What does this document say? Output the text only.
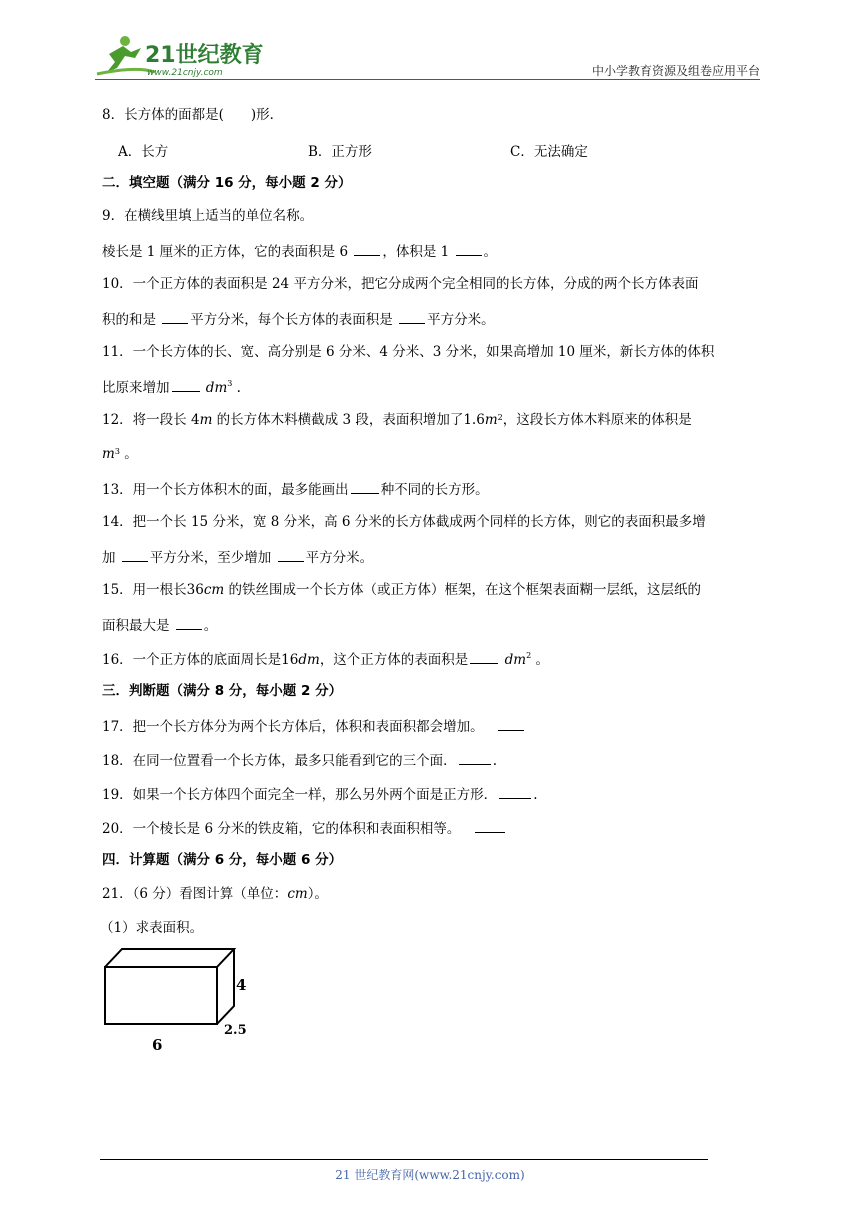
21世纪教育
www.21cnjy.com	中小学教育资源及组卷应用平台
8．长方体的面都是(　　)形．
A．长方	B．正方形	C．无法确定
二．填空题（满分 16 分，每小题 2 分）
9．在横线里填上适当的单位名称。
棱长是 1 厘米的正方体，它的表面积是 6 ，体积是 1 。
10．一个正方体的表面积是 24 平方分米，把它分成两个完全相同的长方体，分成的两个长方体表面
积的和是 平方分米，每个长方体的表面积是 平方分米。
11．一个长方体的长、宽、高分别是 6 分米、4 分米、3 分米，如果高增加 10 厘米，新长方体的体积
比原来增加	$dm^3$ .
12．将一段长 4m 的长方体木料横截成 3 段，表面积增加了$1.6m^2$，这段长方体木料原来的体积是
$m^3$ 。
13．用一个长方体积木的面，最多能画出 种不同的长方形。
14．把一个长 15 分米，宽 8 分米，高 6 分米的长方体截成两个同样的长方体，则它的表面积最多增
加 平方分米，至少增加 平方分米。
15．用一根长36cm 的铁丝围成一个长方体（或正方体）框架，在这个框架表面糊一层纸，这层纸的
面积最大是 。
16．一个正方体的底面周长是16dm，这个正方体的表面积是	$dm^2$ 。
三．判断题（满分 8 分，每小题 2 分）
17．把一个长方体分为两个长方体后，体积和表面积都会增加。
18．在同一位置看一个长方体，最多只能看到它的三个面．	.
19．如果一个长方体四个面完全一样，那么另外两个面是正方形．	.
20．一个棱长是 6 分米的铁皮箱，它的体积和表面积相等。
四．计算题（满分 6 分，每小题 6 分）
21．（6 分）看图计算（单位：cm）。
（1）求表面积。
4
2.5
6
21 世纪教育网(www.21cnjy.com)
